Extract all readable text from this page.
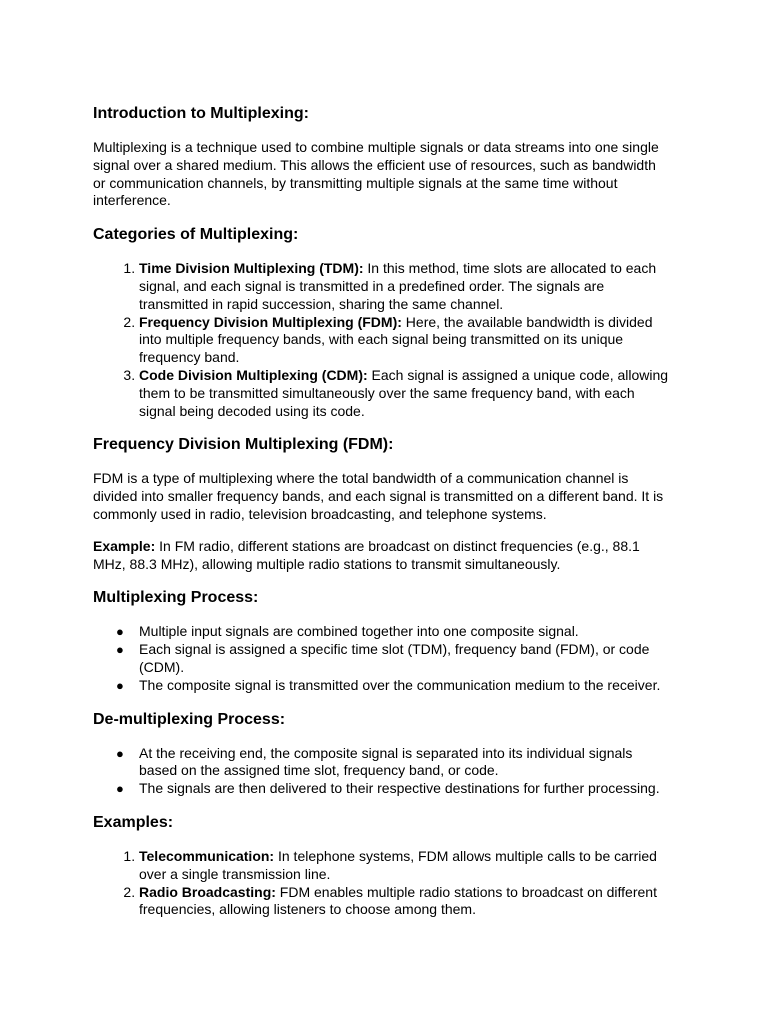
Introduction to Multiplexing:

Multiplexing is a technique used to combine multiple signals or data streams into one single signal over a shared medium. This allows the efficient use of resources, such as bandwidth or communication channels, by transmitting multiple signals at the same time without interference.

Categories of Multiplexing:
1. Time Division Multiplexing (TDM): In this method, time slots are allocated to each signal, and each signal is transmitted in a predefined order. The signals are transmitted in rapid succession, sharing the same channel.
2. Frequency Division Multiplexing (FDM): Here, the available bandwidth is divided into multiple frequency bands, with each signal being transmitted on its unique frequency band.
3. Code Division Multiplexing (CDM): Each signal is assigned a unique code, allowing them to be transmitted simultaneously over the same frequency band, with each signal being decoded using its code.
Frequency Division Multiplexing (FDM):

FDM is a type of multiplexing where the total bandwidth of a communication channel is divided into smaller frequency bands, and each signal is transmitted on a different band. It is commonly used in radio, television broadcasting, and telephone systems.

Example: In FM radio, different stations are broadcast on distinct frequencies (e.g., 88.1 MHz, 88.3 MHz), allowing multiple radio stations to transmit simultaneously.

Multiplexing Process:
● Multiple input signals are combined together into one composite signal.
● Each signal is assigned a specific time slot (TDM), frequency band (FDM), or code (CDM).
● The composite signal is transmitted over the communication medium to the receiver.
De-multiplexing Process:
● At the receiving end, the composite signal is separated into its individual signals based on the assigned time slot, frequency band, or code.
● The signals are then delivered to their respective destinations for further processing.
Examples:
1. Telecommunication: In telephone systems, FDM allows multiple calls to be carried over a single transmission line.
2. Radio Broadcasting: FDM enables multiple radio stations to broadcast on different frequencies, allowing listeners to choose among them.
